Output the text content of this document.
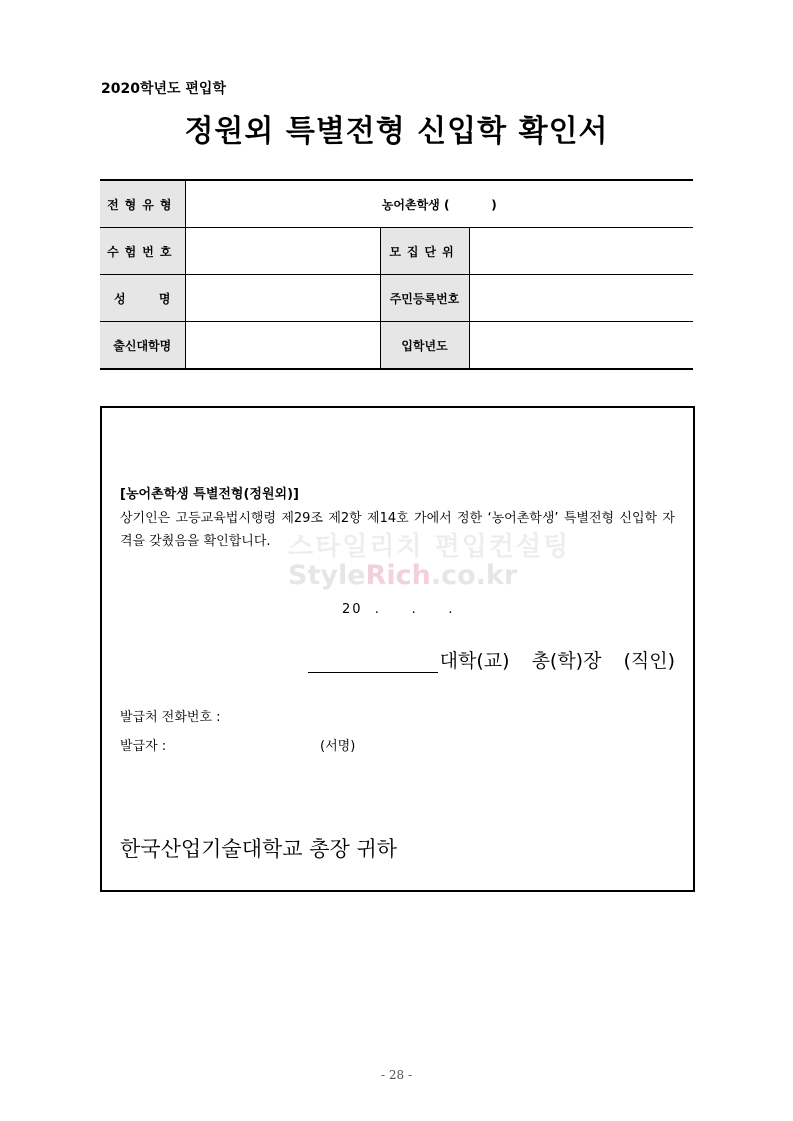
2020학년도 편입학
정원외 특별전형 신입학 확인서
전형유형	농어촌학생 (          )		
수험번호		모집단위	

성 명		주민등록번호	
출신대학명		입학년도	
스타일리치 편입컨설팅
StyleRich.co.kr
[농어촌학생 특별전형(정원외)]
상기인은 고등교육법시행령 제29조 제2항 제14호 가에서 정한 ‘농어촌학생’ 특별전형 신입학 자격을 갖췄음을 확인합니다.
20  .     .     .
대학(교) 총(학)장 (직인)
발급처 전화번호 :
발급자 :	(서명)
한국산업기술대학교 총장 귀하
- 28 -
